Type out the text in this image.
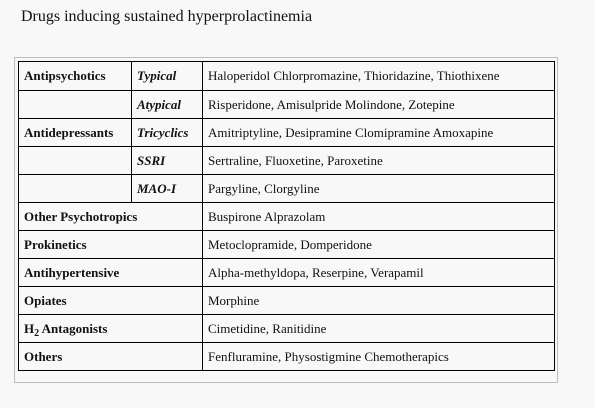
Drugs inducing sustained hyperprolactinemia
Antipsychotics	Typical	Haloperidol Chlorpromazine, Thioridazine, Thiothixene
	Atypical	Risperidone, Amisulpride Molindone, Zotepine
Antidepressants	Tricyclics	Amitriptyline, Desipramine Clomipramine Amoxapine
	SSRI	Sertraline, Fluoxetine, Paroxetine
	MAO-I	Pargyline, Clorgyline
Other Psychotropics		Buspirone Alprazolam
Prokinetics		Metoclopramide, Domperidone
Antihypertensive		Alpha-methyldopa, Reserpine, Verapamil
Opiates		Morphine
$H_2$ Antagonists		Cimetidine, Ranitidine
Others		Fenfluramine, Physostigmine Chemotherapics
